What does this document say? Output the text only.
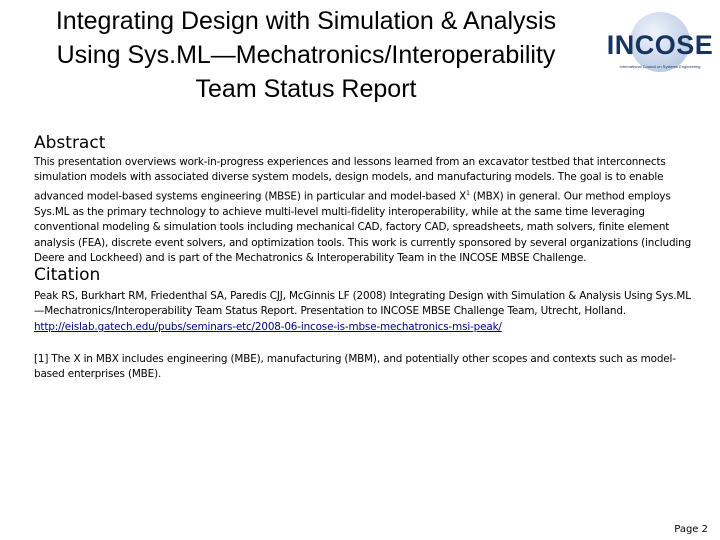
Integrating Design with Simulation & Analysis
Using Sys.ML—Mechatronics/Interoperability
Team Status Report
INCOSE
International Council on Systems Engineering
Abstract
This presentation overviews work-in-progress experiences and lessons learned from an excavator testbed that interconnects simulation models with associated diverse system models, design models, and manufacturing models. The goal is to enable advanced model-based systems engineering (MBSE) in particular and model-based $X^1$ (MBX) in general. Our method employs Sys.ML as the primary technology to achieve multi-level multi-fidelity interoperability, while at the same time leveraging conventional modeling & simulation tools including mechanical CAD, factory CAD, spreadsheets, math solvers, finite element analysis (FEA), discrete event solvers, and optimization tools. This work is currently sponsored by several organizations (including Deere and Lockheed) and is part of the Mechatronics & Interoperability Team in the INCOSE MBSE Challenge.
Citation
Peak RS, Burkhart RM, Friedenthal SA, Paredis CJJ, McGinnis LF (2008) Integrating Design with Simulation & Analysis Using Sys.ML—Mechatronics/Interoperability Team Status Report. Presentation to INCOSE MBSE Challenge Team, Utrecht, Holland.
http://eislab.gatech.edu/pubs/seminars-etc/2008-06-incose-is-mbse-mechatronics-msi-peak/
[1] The X in MBX includes engineering (MBE), manufacturing (MBM), and potentially other scopes and contexts such as model-based enterprises (MBE).
Page 2
